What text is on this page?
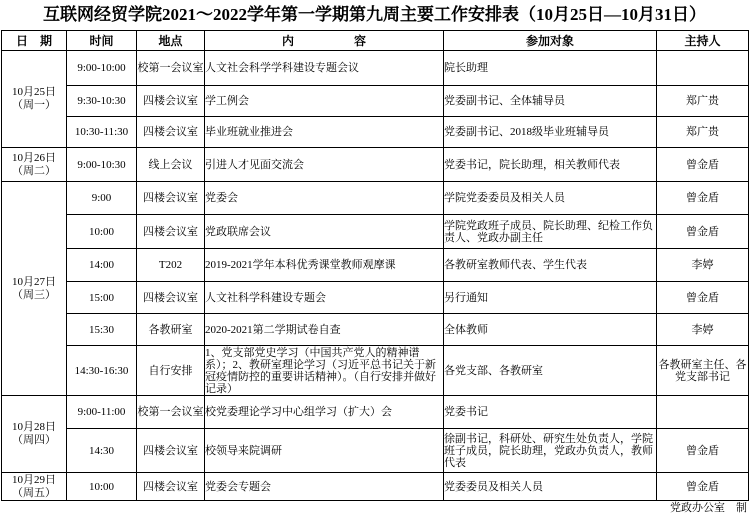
互联网经贸学院2021～2022学年第一学期第九周主要工作安排表（10月25日—10月31日）
日　期	时间	地点	内　　　　　容	参加对象	主持人

10月25日
（周一）	9:00-10:00	校第一会议室	人文社会科学学科建设专题会议	院长助理	
	9:30-10:30	四楼会议室	学工例会	党委副书记、全体辅导员	郑广贵
	10:30-11:30	四楼会议室	毕业班就业推进会	党委副书记、2018级毕业班辅导员	郑广贵

10月26日
（周二）	9:00-10:30	线上会议	引进人才见面交流会	党委书记，院长助理，相关教师代表	曾金盾

10月27日
（周三）	9:00	四楼会议室	党委会	学院党委委员及相关人员	曾金盾
	10:00	四楼会议室	党政联席会议	学院党政班子成员、院长助理、纪检工作负责人、党政办副主任	曾金盾
	14:00	T202	2019-2021学年本科优秀课堂教师观摩课	各教研室教师代表、学生代表	李婷
	15:00	四楼会议室	人文社科学科建设专题会	另行通知	曾金盾
	15:30	各教研室	2020-2021第二学期试卷自查	全体教师	李婷
	14:30-16:30	自行安排	1、党支部党史学习（中国共产党人的精神谱系）；2、教研室理论学习（习近平总书记关于新冠疫情防控的重要讲话精神）。（自行安排并做好记录）	各党支部、各教研室	各教研室主任、各党支部书记

10月28日
（周四）	9:00-11:00	校第一会议室	校党委理论学习中心组学习（扩大）会	党委书记	
	14:30	四楼会议室	校领导来院调研	徐副书记，科研处、研究生处负责人，学院班子成员，院长助理，党政办负责人，教师代表	曾金盾

10月29日
（周五）	10:00	四楼会议室	党委会专题会	党委委员及相关人员	曾金盾
党政办公室　制
